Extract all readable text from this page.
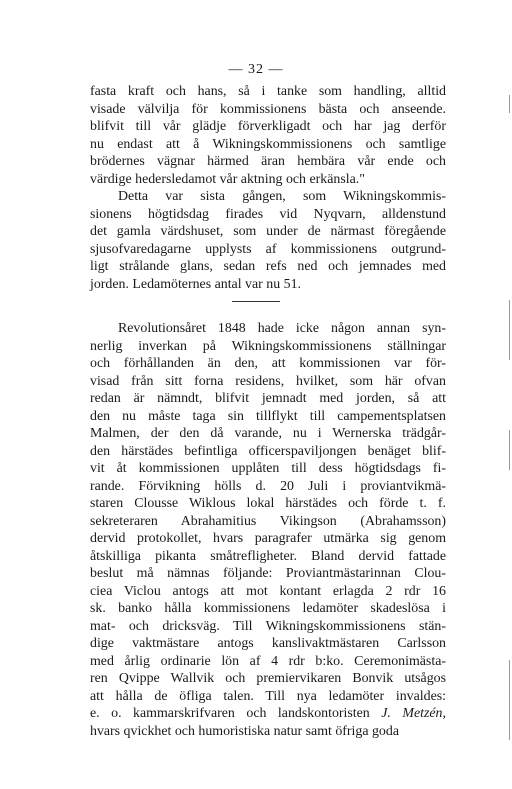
— 32 —
fasta kraft och hans, så i tanke som handling, alltid
visade välvilja för kommissionens bästa och anseende.
blifvit till vår glädje förverkligadt och har jag derför
nu endast att å Wikningskommissionens och samtlige
brödernes vägnar härmed äran hembära vår ende och
värdige hedersledamot vår aktning och erkänsla."
Detta var sista gången, som Wikningskommis-
sionens högtidsdag firades vid Nyqvarn, alldenstund
det gamla värdshuset, som under de närmast föregående
sjusofvaredagarne upplysts af kommissionens outgrund-
ligt strålande glans, sedan refs ned och jemnades med
jorden. Ledamöternes antal var nu 51.
Revolutionsåret 1848 hade icke någon annan syn-
nerlig inverkan på Wikningskommissionens ställningar
och förhållanden än den, att kommissionen var för-
visad från sitt forna residens, hvilket, som här ofvan
redan är nämndt, blifvit jemnadt med jorden, så att
den nu måste taga sin tillflykt till campementsplatsen
Malmen, der den då varande, nu i Wernerska trädgår-
den härstädes befintliga officerspaviljongen benäget blif-
vit åt kommissionen upplåten till dess högtidsdags fi-
rande. Förvikning hölls d. 20 Juli i proviantvikmä-
staren Clousse Wiklous lokal härstädes och förde t. f.
sekreteraren Abrahamitius Vikingson (Abrahamsson)
dervid protokollet, hvars paragrafer utmärka sig genom
åtskilliga pikanta småtrefligheter. Bland dervid fattade
beslut må nämnas följande: Proviantmästarinnan Clou-
ciea Viclou antogs att mot kontant erlagda 2 rdr 16
sk. banko hålla kommissionens ledamöter skadeslösa i
mat- och dricksväg. Till Wikningskommissionens stän-
dige vaktmästare antogs kanslivaktmästaren Carlsson
med årlig ordinarie lön af 4 rdr b:ko. Ceremonimästa-
ren Qvippe Wallvik och premiervikaren Bonvik utsågos
att hålla de öfliga talen. Till nya ledamöter invaldes:
e. o. kammarskrifvaren och landskontoristen J. Metzén,
hvars qvickhet och humoristiska natur samt öfriga goda
